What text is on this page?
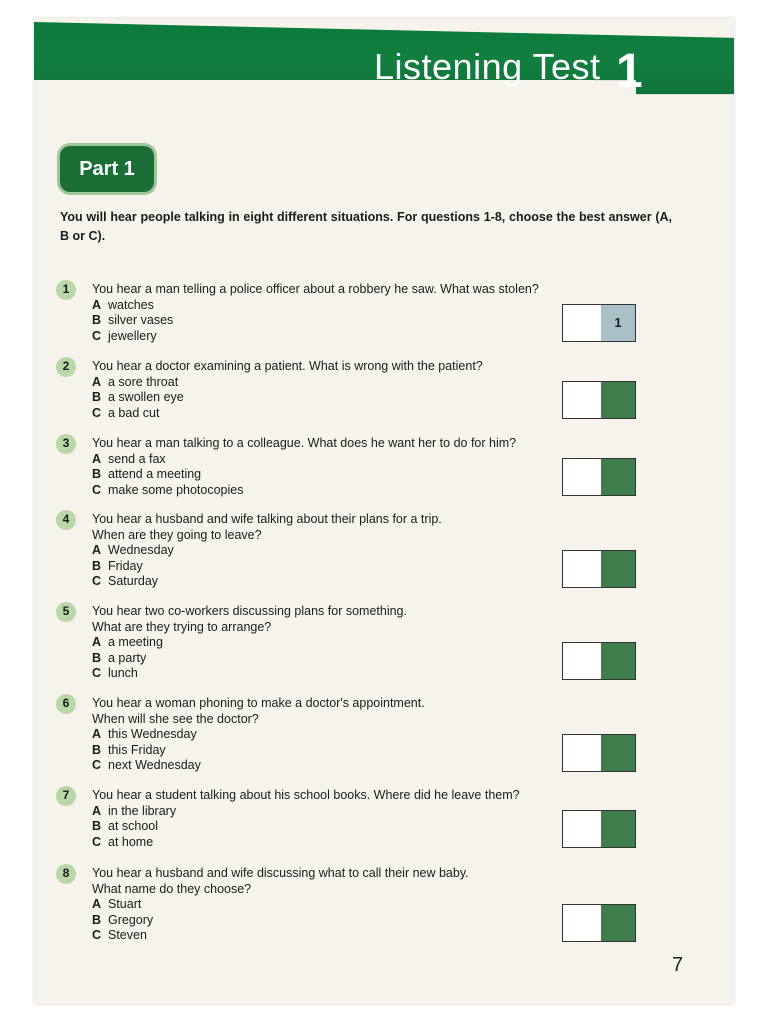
Listening Test 1
Part 1
You will hear people talking in eight different situations. For questions 1-8, choose the best answer (A, B or C).
1	You hear a man telling a police officer about a robbery he saw. What was stolen?
A watches
B silver vases
C jewellery
1
2	You hear a doctor examining a patient. What is wrong with the patient?
A a sore throat
B a swollen eye
C a bad cut
3	You hear a man talking to a colleague. What does he want her to do for him?
A send a fax
B attend a meeting
C make some photocopies
4	You hear a husband and wife talking about their plans for a trip.
When are they going to leave?
A Wednesday
B Friday
C Saturday
5	You hear two co-workers discussing plans for something.
What are they trying to arrange?
A a meeting
B a party
C lunch
6	You hear a woman phoning to make a doctor's appointment.
When will she see the doctor?
A this Wednesday
B this Friday
C next Wednesday
7	You hear a student talking about his school books. Where did he leave them?
A in the library
B at school
C at home
8	You hear a husband and wife discussing what to call their new baby.
What name do they choose?
A Stuart
B Gregory
C Steven
7
